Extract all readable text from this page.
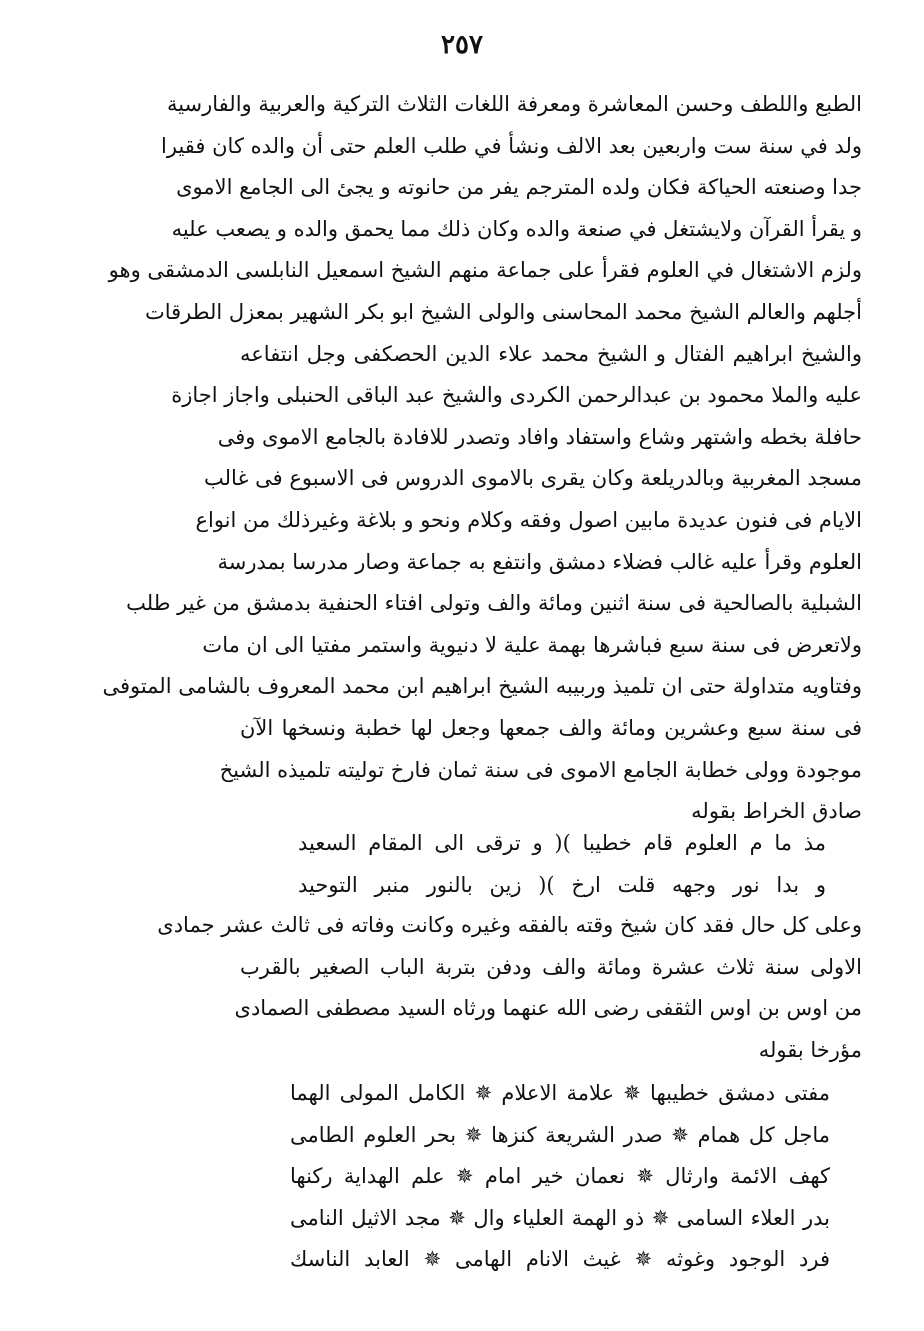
٢٥٧
الطبع واللطف وحسن المعاشرة ومعرفة اللغات الثلاث التركية والعربية والفارسية
ولد في سنة ست واربعين بعد الالف ونشأ في طلب العلم حتى أن والده كان فقيرا
جدا وصنعته الحياكة فكان ولده المترجم يفر من حانوته و يجئ الى الجامع الاموى
و يقرأ القرآن ولايشتغل في صنعة والده وكان ذلك مما يحمق والده و يصعب عليه
ولزم الاشتغال في العلوم فقرأ على جماعة منهم الشيخ اسمعيل النابلسى الدمشقى وهو
أجلهم والعالم الشيخ محمد المحاسنى والولى الشيخ ابو بكر الشهير بمعزل الطرقات
والشيخ ابراهيم الفتال و الشيخ محمد علاء الدين الحصكفى وجل انتفاعه
عليه والملا محمود بن عبدالرحمن الكردى والشيخ عبد الباقى الحنبلى واجاز اجازة
حافلة بخطه واشتهر وشاع واستفاد وافاد وتصدر للافادة بالجامع الاموى وفى
مسجد المغربية وبالدريلعة وكان يقرى بالاموى الدروس فى الاسبوع فى غالب
الايام فى فنون عديدة مابين اصول وفقه وكلام ونحو و بلاغة وغيرذلك من انواع
العلوم وقرأ عليه غالب فضلاء دمشق وانتفع به جماعة وصار مدرسا بمدرسة
الشبلية بالصالحية فى سنة اثنين ومائة والف وتولى افتاء الحنفية بدمشق من غير طلب
ولاتعرض فى سنة سبع فباشرها بهمة علية لا دنيوية واستمر مفتيا الى ان مات
وفتاويه متداولة حتى ان تلميذ وربيبه الشيخ ابراهيم ابن محمد المعروف بالشامى المتوفى
فى سنة سبع وعشرين ومائة والف جمعها وجعل لها خطبة ونسخها الآن
موجودة وولى خطابة الجامع الاموى فى سنة ثمان فارخ توليته تلميذه الشيخ
صادق الخراط بقوله
مذ ما م العلوم قام خطيبا )( و ترقى الى المقام السعيد
و بدا نور وجهه قلت ارخ )( زين بالنور منبر التوحيد
وعلى كل حال فقد كان شيخ وقته بالفقه وغيره وكانت وفاته فى ثالث عشر جمادى
الاولى سنة ثلاث عشرة ومائة والف ودفن بتربة الباب الصغير بالقرب
من اوس بن اوس الثقفى رضى الله عنهما ورثاه السيد مصطفى الصمادى
مؤرخا بقوله
مفتى دمشق خطيبها ✵ علامة الاعلام ✵ الكامل المولى الهما
ماجل كل همام ✵ صدر الشريعة كنزها ✵ بحر العلوم الطامى
كهف الائمة وارثال ✵ نعمان خير امام ✵ علم الهداية ركنها
بدر العلاء السامى ✵ ذو الهمة العلياء وال ✵ مجد الاثيل النامى
فرد الوجود وغوثه ✵ غيث الانام الهامى ✵ العابد الناسك
